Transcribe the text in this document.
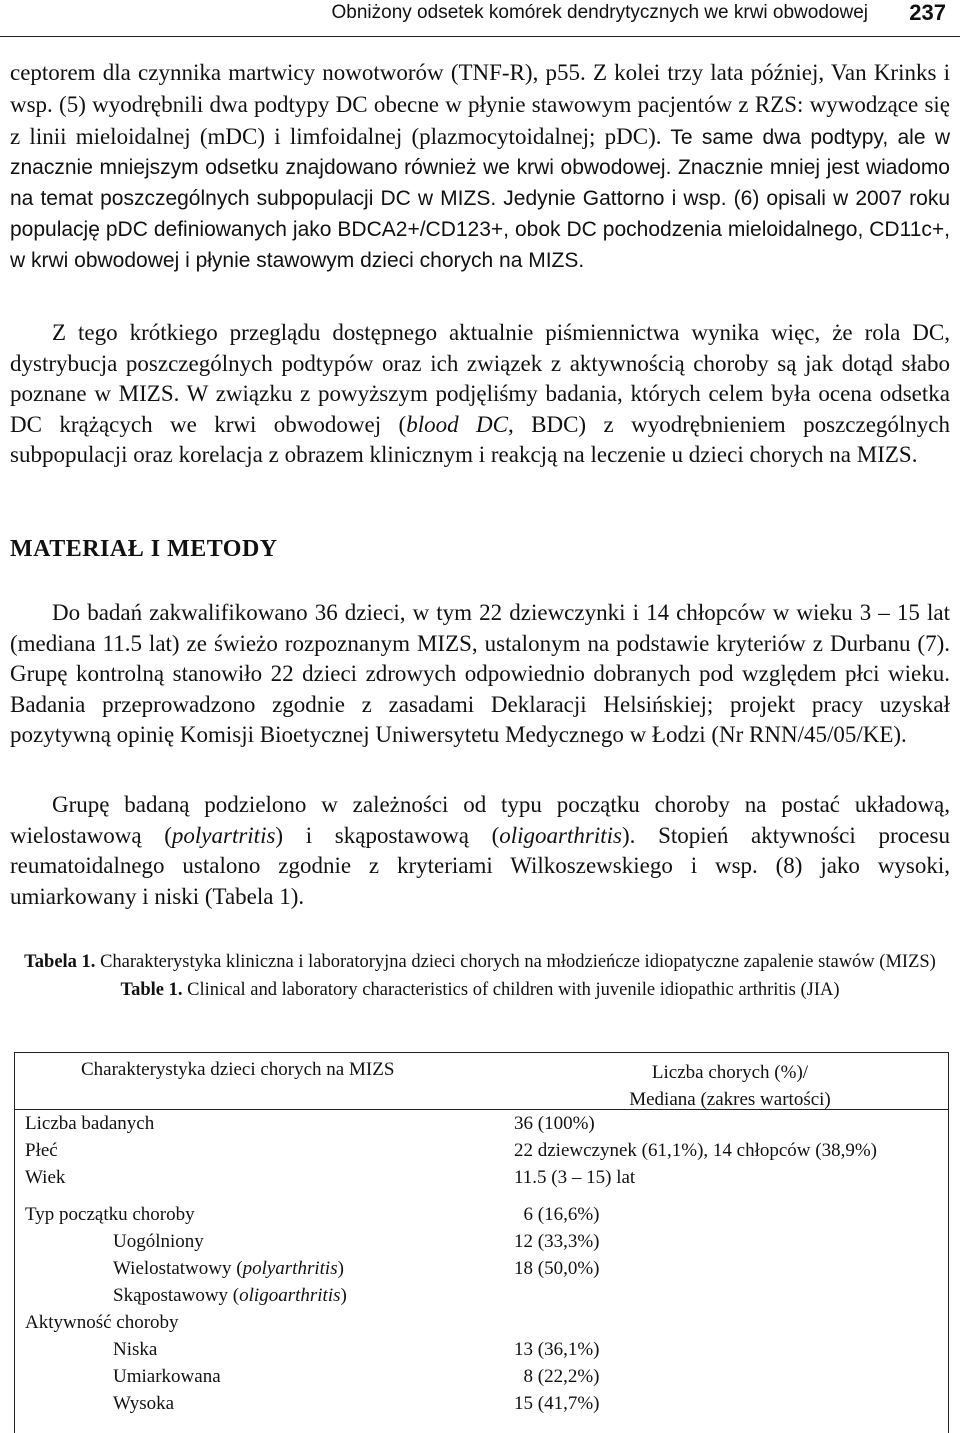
Obniżony odsetek komórek dendrytycznych we krwi obwodowej 237

ceptorem dla czynnika martwicy nowotworów (TNF-R), p55. Z kolei trzy lata później, Van Krinks i wsp. (5) wyodrębnili dwa podtypy DC obecne w płynie stawowym pacjentów z RZS: wywodzące się z linii mieloidalnej (mDC) i limfoidalnej (plazmocytoidalnej; pDC). Te same dwa podtypy, ale w znacznie mniejszym odsetku znajdowano również we krwi obwodowej. Znacznie mniej jest wiadomo na temat poszczególnych subpopulacji DC w MIZS. Jedynie Gattorno i wsp. (6) opisali w 2007 roku populację pDC definiowanych jako BDCA2+/CD123+, obok DC pochodzenia mieloidalnego, CD11c+, w krwi obwodowej i płynie stawowym dzieci chorych na MIZS.

Z tego krótkiego przeglądu dostępnego aktualnie piśmiennictwa wynika więc, że rola DC, dystrybucja poszczególnych podtypów oraz ich związek z aktywnością choroby są jak dotąd słabo poznane w MIZS. W związku z powyższym podjęliśmy badania, których celem była ocena odsetka DC krążących we krwi obwodowej (blood DC, BDC) z wyodrębnieniem poszczególnych subpopulacji oraz korelacja z obrazem klinicznym i reakcją na leczenie u dzieci chorych na MIZS.

MATERIAŁ I METODY

Do badań zakwalifikowano 36 dzieci, w tym 22 dziewczynki i 14 chłopców w wieku 3 – 15 lat (mediana 11.5 lat) ze świeżo rozpoznanym MIZS, ustalonym na podstawie kryteriów z Durbanu (7). Grupę kontrolną stanowiło 22 dzieci zdrowych odpowiednio dobranych pod względem płci wieku. Badania przeprowadzono zgodnie z zasadami Deklaracji Helsińskiej; projekt pracy uzyskał pozytywną opinię Komisji Bioetycznej Uniwersytetu Medycznego w Łodzi (Nr RNN/45/05/KE).

Grupę badaną podzielono w zależności od typu początku choroby na postać układową, wielostawową (polyartritis) i skąpostawową (oligoarthritis). Stopień aktywności procesu reumatoidalnego ustalono zgodnie z kryteriami Wilkoszewskiego i wsp. (8) jako wysoki, umiarkowany i niski (Tabela 1).

Tabela 1. Charakterystyka kliniczna i laboratoryjna dzieci chorych na młodzieńcze idiopatyczne zapalenie stawów (MIZS)
Table 1. Clinical and laboratory characteristics of children with juvenile idiopathic arthritis (JIA)

Charakterystyka dzieci chorych na MIZS	Liczba chorych (%)/
Mediana (zakres wartości)
Liczba badanych	36 (100%)
Płeć	22 dziewczynek (61,1%), 14 chłopców (38,9%)
Wiek	11.5 (3 – 15) lat
Typ początku choroby	6 (16,6%)
Uogólniony	12 (33,3%)
Wielostatwowy (polyarthritis)	18 (50,0%)
Skąpostawowy (oligoarthritis)
Aktywność choroby
Niska	13 (36,1%)
Umiarkowana	8 (22,2%)
Wysoka	15 (41,7%)
